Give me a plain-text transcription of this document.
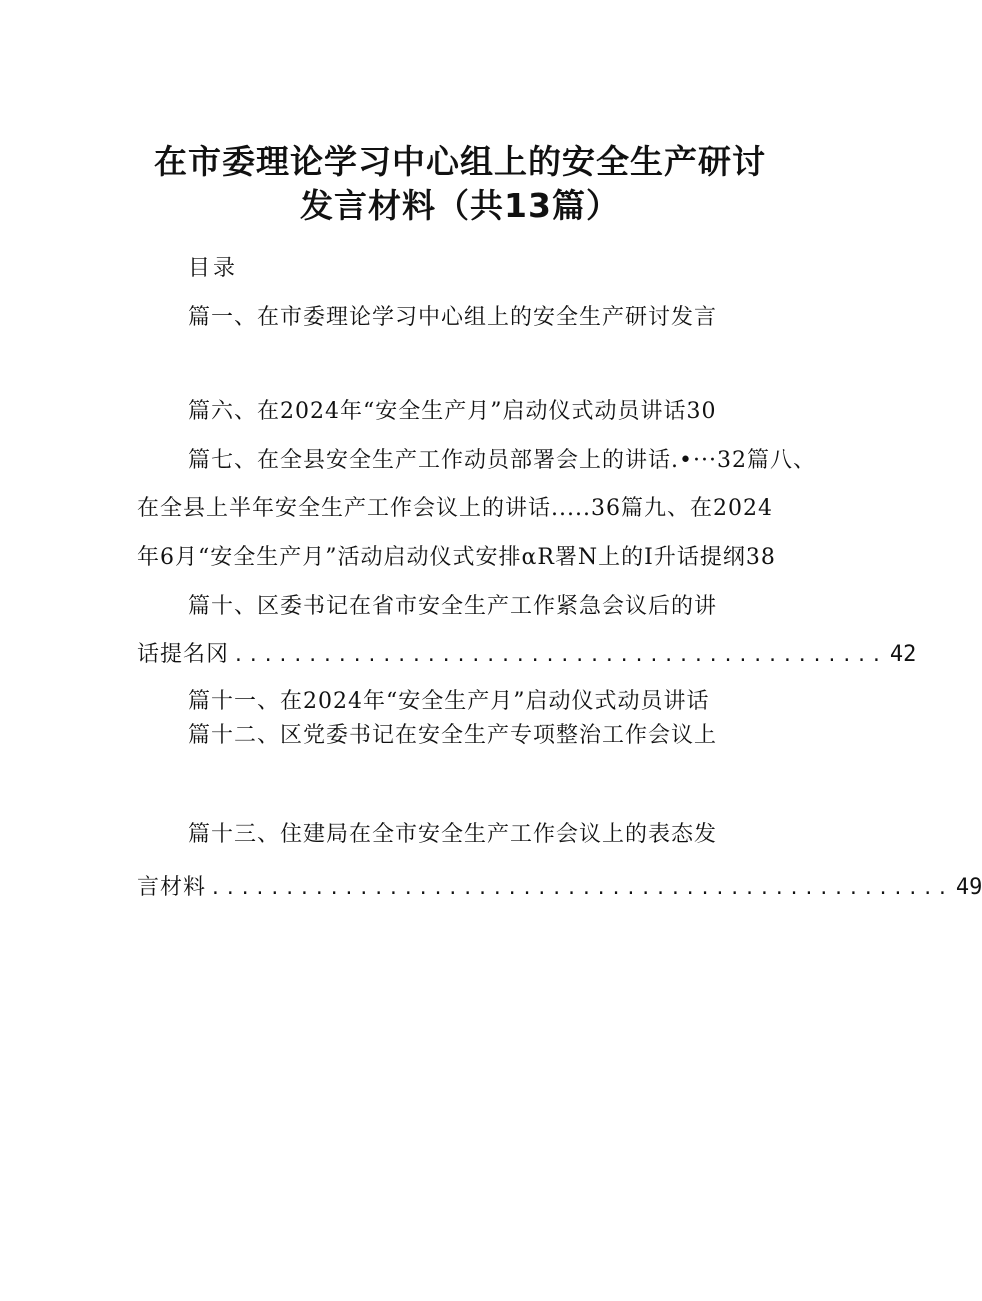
在市委理论学习中心组上的安全生产研讨
发言材料（共13篇）

目录

篇一、在市委理论学习中心组上的安全生产研讨发言

篇六、在2024年“安全生产月”启动仪式动员讲话30

篇七、在全县安全生产工作动员部署会上的讲话.•···32篇八、

在全县上半年安全生产工作会议上的讲话.....36篇九、在2024

年6月“安全生产月”活动启动仪式安排αR署N上的I升话提纲38

篇十、区委书记在省市安全生产工作紧急会议后的讲

话提名冈 ............................................ 42

篇十一、在2024年“安全生产月”启动仪式动员讲话

篇十二、区党委书记在安全生产专项整治工作会议上

篇十三、住建局在全市安全生产工作会议上的表态发

言材料 .................................................. 49
